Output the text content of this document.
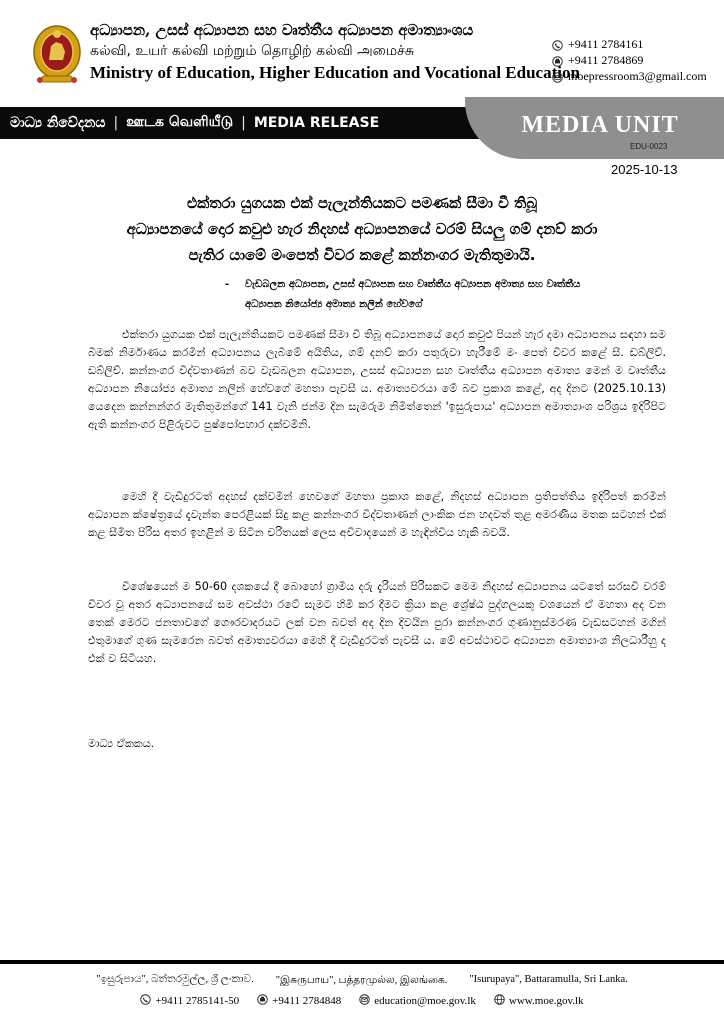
අධ්‍යාපන, උසස් අධ්‍යාපන සහ වෘත්තීය අධ්‍යාපන අමාත්‍යාංශය
கல்வி, உயர் கல்வி மற்றும் தொழிற் கல்வி அமைச்சு
Ministry of Education, Higher Education and Vocational Education
+9411 2784161
+9411 2784869
moepressroom3@gmail.com
මාධ්‍ය නිවේදනය | ஊடக வெளியீடு | MEDIA RELEASE	MEDIA UNIT
EDU-0023
2025-10-13
එක්තරා යුගයක එක් පැලැන්තියකට පමණක් සීමා වී තිබූ
අධ්‍යාපනයේ දොර කවුළු හැර නිදහස් අධ්‍යාපනයේ වරම් සියලු ගම් දනව් කරා
පැතිර යාමේ මංපෙත් විවර කළේ කන්නංගර මැතිතුමායි.
- වැඩබලන අධ්‍යාපන, උසස් අධ්‍යාපන සහ වෘත්තීය අධ්‍යාපන අමාත්‍ය සහ වෘත්තීය
අධ්‍යාපන නියෝජ්‍ය අමාත්‍ය නලින් හේවගේ
එක්තරා යුගයක එක් පැලැන්තියකට පමණක් සීමා වී තිබූ අධ්‍යාපනයේ දොර කවුළු පියන් හැර දමා අධ්‍යාපනය සඳහා සම බිමක් නිර්මාණය කරමින් අධ්‍යාපනය ලැබීමේ අයිතිය, ගම් දනව් කරා පතුරුවා හැරීමේ මං පෙත් විවර කළේ සී. ඩබ්ලිව්. ඩබ්ලිව්. කන්නංගර විද්වතාණන් බව වැඩබලන අධ්‍යාපන, උසස් අධ්‍යාපන සහ වෘත්තීය අධ්‍යාපන අමාත්‍ය මෙන් ම වෘත්තීය අධ්‍යාපන නියෝජ්‍ය අමාත්‍ය නලින් හේවගේ මහතා පැවසී ය. අමාත්‍යවරයා මේ බව ප්‍රකාශ කළේ, අද දිනට (2025.10.13) යෙදෙන කන්නන්ගර මැතිතුමන්ගේ 141 වැනි ජන්ම දින සැමරුම නිමිත්තෙන් 'ඉසුරුපාය' අධ්‍යාපන අමාත්‍යාංශ පරිශ්‍රය ඉදිරිපිට ඇති කන්නංගර පිළිරුවට පුෂ්පෝපහාර දක්වමිනි.
මෙහි දී වැඩිදුරටත් අදහස් දක්වමින් හෙවගේ මහතා ප්‍රකාශ කළේ, නිදහස් අධ්‍යාපන ප්‍රතිපත්තිය ඉදිරිපත් කරමින් අධ්‍යාපන ක්ෂේත්‍රයේ දැවැන්ත පෙරළියක් සිදු කළ කන්නංගර විද්වතාණන් ලාංකික ජන හදවත් තුළ අමරණීය මතක සටහන් එක් කළ සීමිත පිරිස අතර ඉහළින් ම සිටින චරිතයක් ලෙස අවිවාදයෙන් ම හැඳින්විය හැකි බවයි.
විශේෂයෙන් ම 50-60 දශකයේ දී බොහෝ ග්‍රාමීය දරු දැරියන් පිරිසකට මෙම නිදහස් අධ්‍යාපනය යටතේ සරසවි වරම් විවර වූ අතර අධ්‍යාපනයේ සම අවස්ථා රටේ සැමට හිමි කර දීමට ක්‍රියා කළ ශ්‍රේෂ්ඨ පුද්ගලයකු වශයෙන් ඒ මහතා අද වන තෙක් මෙරට ජනතාවගේ ගෞරවාදරයට ලක් වන බවත් අද දින දිවයින පුරා කන්නංගර ගුණානුස්මරණ වැඩසටහන් මගින් එතුමාගේ ගුණ සැමරෙන බවත් අමාත්‍යවරයා මෙහි දී වැඩිදුරටත් පැවසී ය. මේ අවස්ථාවට අධ්‍යාපන අමාත්‍යාංශ නිලධාරීහු ද එක් ව සිටියහ.
මාධ්‍ය ඒකකය.
"ඉසුරුපාය", බත්තරමුල්ල, ශ්‍රී ලංකාව. "இசுருபாய", பத்தரமுல்ல, இலங்கை. "Isurupaya", Battaramulla, Sri Lanka.
+9411 2785141-50	+9411 2784848	education@moe.gov.lk	www.moe.gov.lk
